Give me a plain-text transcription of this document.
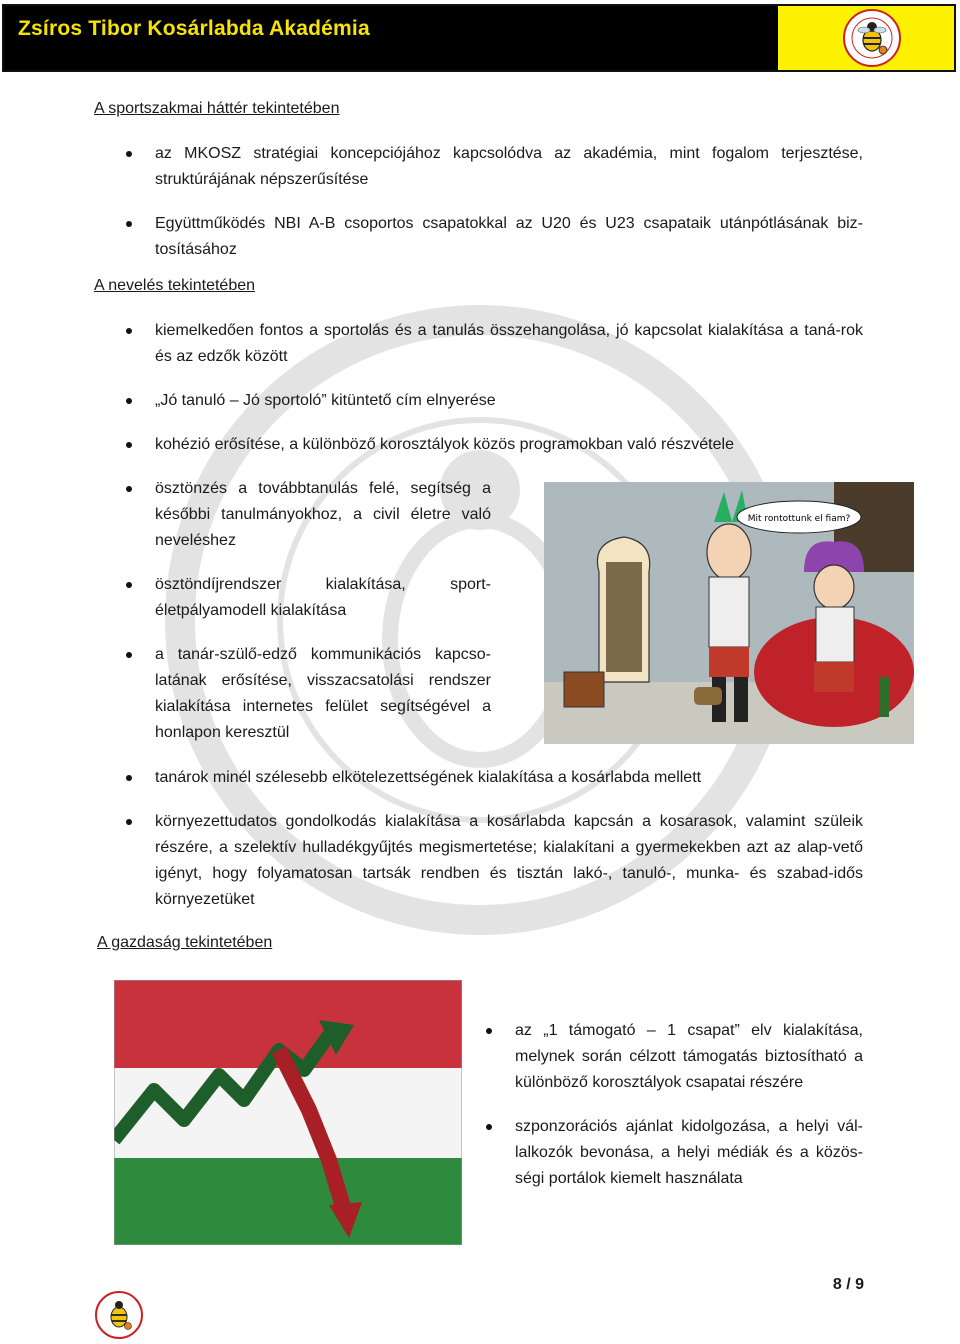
Zsíros Tibor Kosárlabda Akadémia
A sportszakmai háttér tekintetében
az MKOSZ stratégiai koncepciójához kapcsolódva az akadémia, mint fogalom terjesztése, struktúrájának népszerűsítése
Együttműködés NBI A-B csoportos csapatokkal az U20 és U23 csapataik utánpótlásának biz-tosításához
A nevelés tekintetében
kiemelkedően fontos a sportolás és a tanulás összehangolása, jó kapcsolat kialakítása a taná-rok és az edzők között
„Jó tanuló – Jó sportoló” kitüntető cím elnyerése
kohézió erősítése, a különböző korosztályok közös programokban való részvétele
ösztönzés a továbbtanulás felé, segítség a későbbi tanulmányokhoz, a civil életre való neveléshez
ösztöndíjrendszer kialakítása, sport-életpályamodell kialakítása
a tanár-szülő-edző kommunikációs kapcso-latának erősítése, visszacsatolási rendszer kialakítása internetes felület segítségével a honlapon keresztül
Mit rontottunk el fiam?
tanárok minél szélesebb elkötelezettségének kialakítása a kosárlabda mellett
környezettudatos gondolkodás kialakítása a kosárlabda kapcsán a kosarasok, valamint szüleik részére, a szelektív hulladékgyűjtés megismertetése; kialakítani a gyermekekben azt az alap-vető igényt, hogy folyamatosan tartsák rendben és tisztán lakó-, tanuló-, munka- és szabad-idős környezetüket
A gazdaság tekintetében
az „1 támogató – 1 csapat” elv kialakítása, melynek során célzott támogatás biztosítható a különböző korosztályok csapatai részére
szponzorációs ajánlat kidolgozása, a helyi vál-lalkozók bevonása, a helyi médiák és a közös-ségi portálok kiemelt használata
8 / 9
